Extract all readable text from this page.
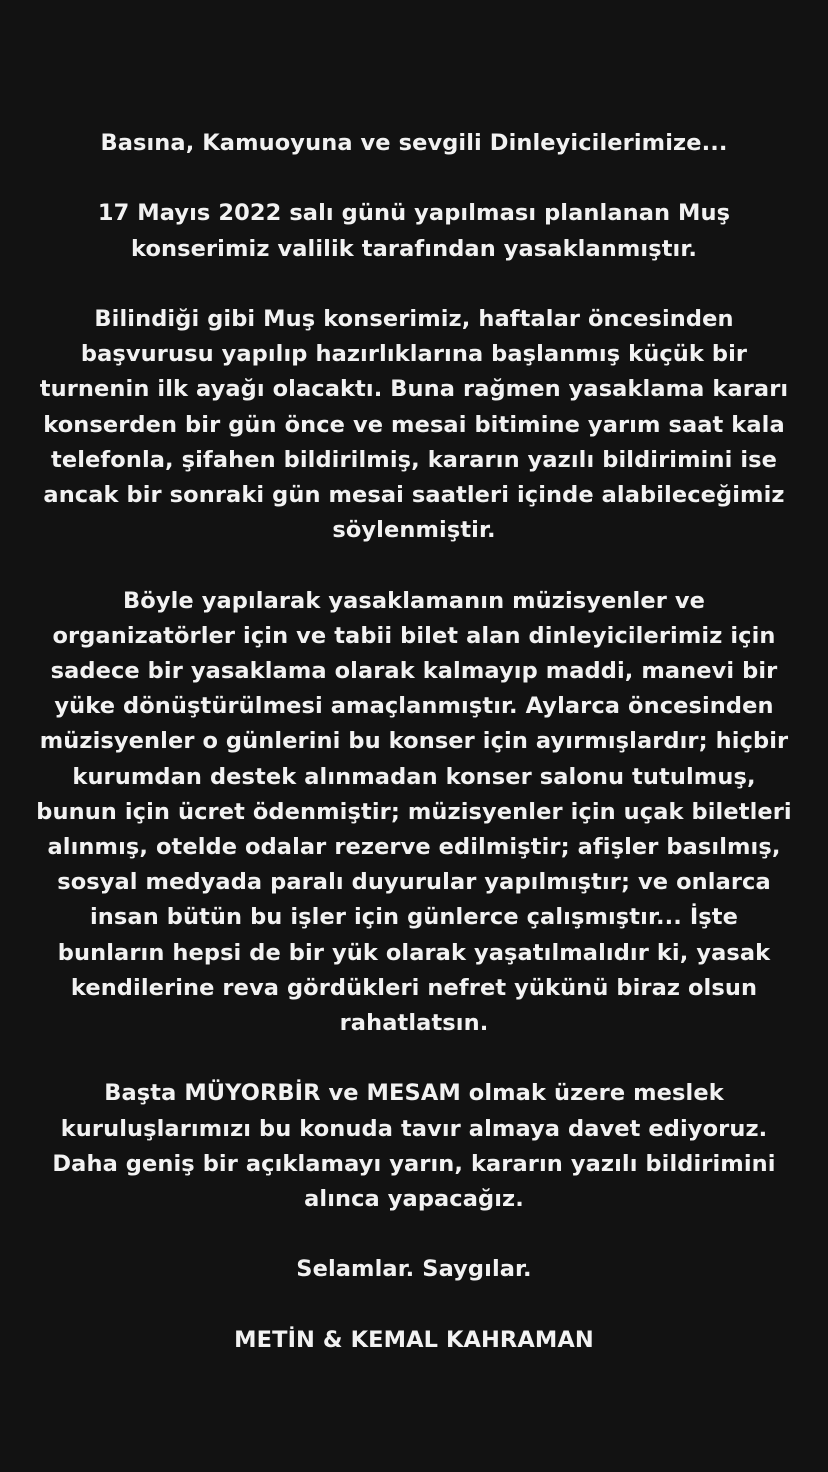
Basına, Kamuoyuna ve sevgili Dinleyicilerimize...

17 Mayıs 2022 salı günü yapılması planlanan Muş
konserimiz valilik tarafından yasaklanmıştır.

Bilindiği gibi Muş konserimiz, haftalar öncesinden
başvurusu yapılıp hazırlıklarına başlanmış küçük bir
turnenin ilk ayağı olacaktı. Buna rağmen yasaklama kararı
konserden bir gün önce ve mesai bitimine yarım saat kala
telefonla, şifahen bildirilmiş, kararın yazılı bildirimini ise
ancak bir sonraki gün mesai saatleri içinde alabileceğimiz
söylenmiştir.

Böyle yapılarak yasaklamanın müzisyenler ve
organizatörler için ve tabii bilet alan dinleyicilerimiz için
sadece bir yasaklama olarak kalmayıp maddi, manevi bir
yüke dönüştürülmesi amaçlanmıştır. Aylarca öncesinden
müzisyenler o günlerini bu konser için ayırmışlardır; hiçbir
kurumdan destek alınmadan konser salonu tutulmuş,
bunun için ücret ödenmiştir; müzisyenler için uçak biletleri
alınmış, otelde odalar rezerve edilmiştir; afişler basılmış,
sosyal medyada paralı duyurular yapılmıştır; ve onlarca
insan bütün bu işler için günlerce çalışmıştır... İşte
bunların hepsi de bir yük olarak yaşatılmalıdır ki, yasak
kendilerine reva gördükleri nefret yükünü biraz olsun
rahatlatsın.

Başta MÜYORBİR ve MESAM olmak üzere meslek
kuruluşlarımızı bu konuda tavır almaya davet ediyoruz.
Daha geniş bir açıklamayı yarın, kararın yazılı bildirimini
alınca yapacağız.

Selamlar. Saygılar.

METİN & KEMAL KAHRAMAN
